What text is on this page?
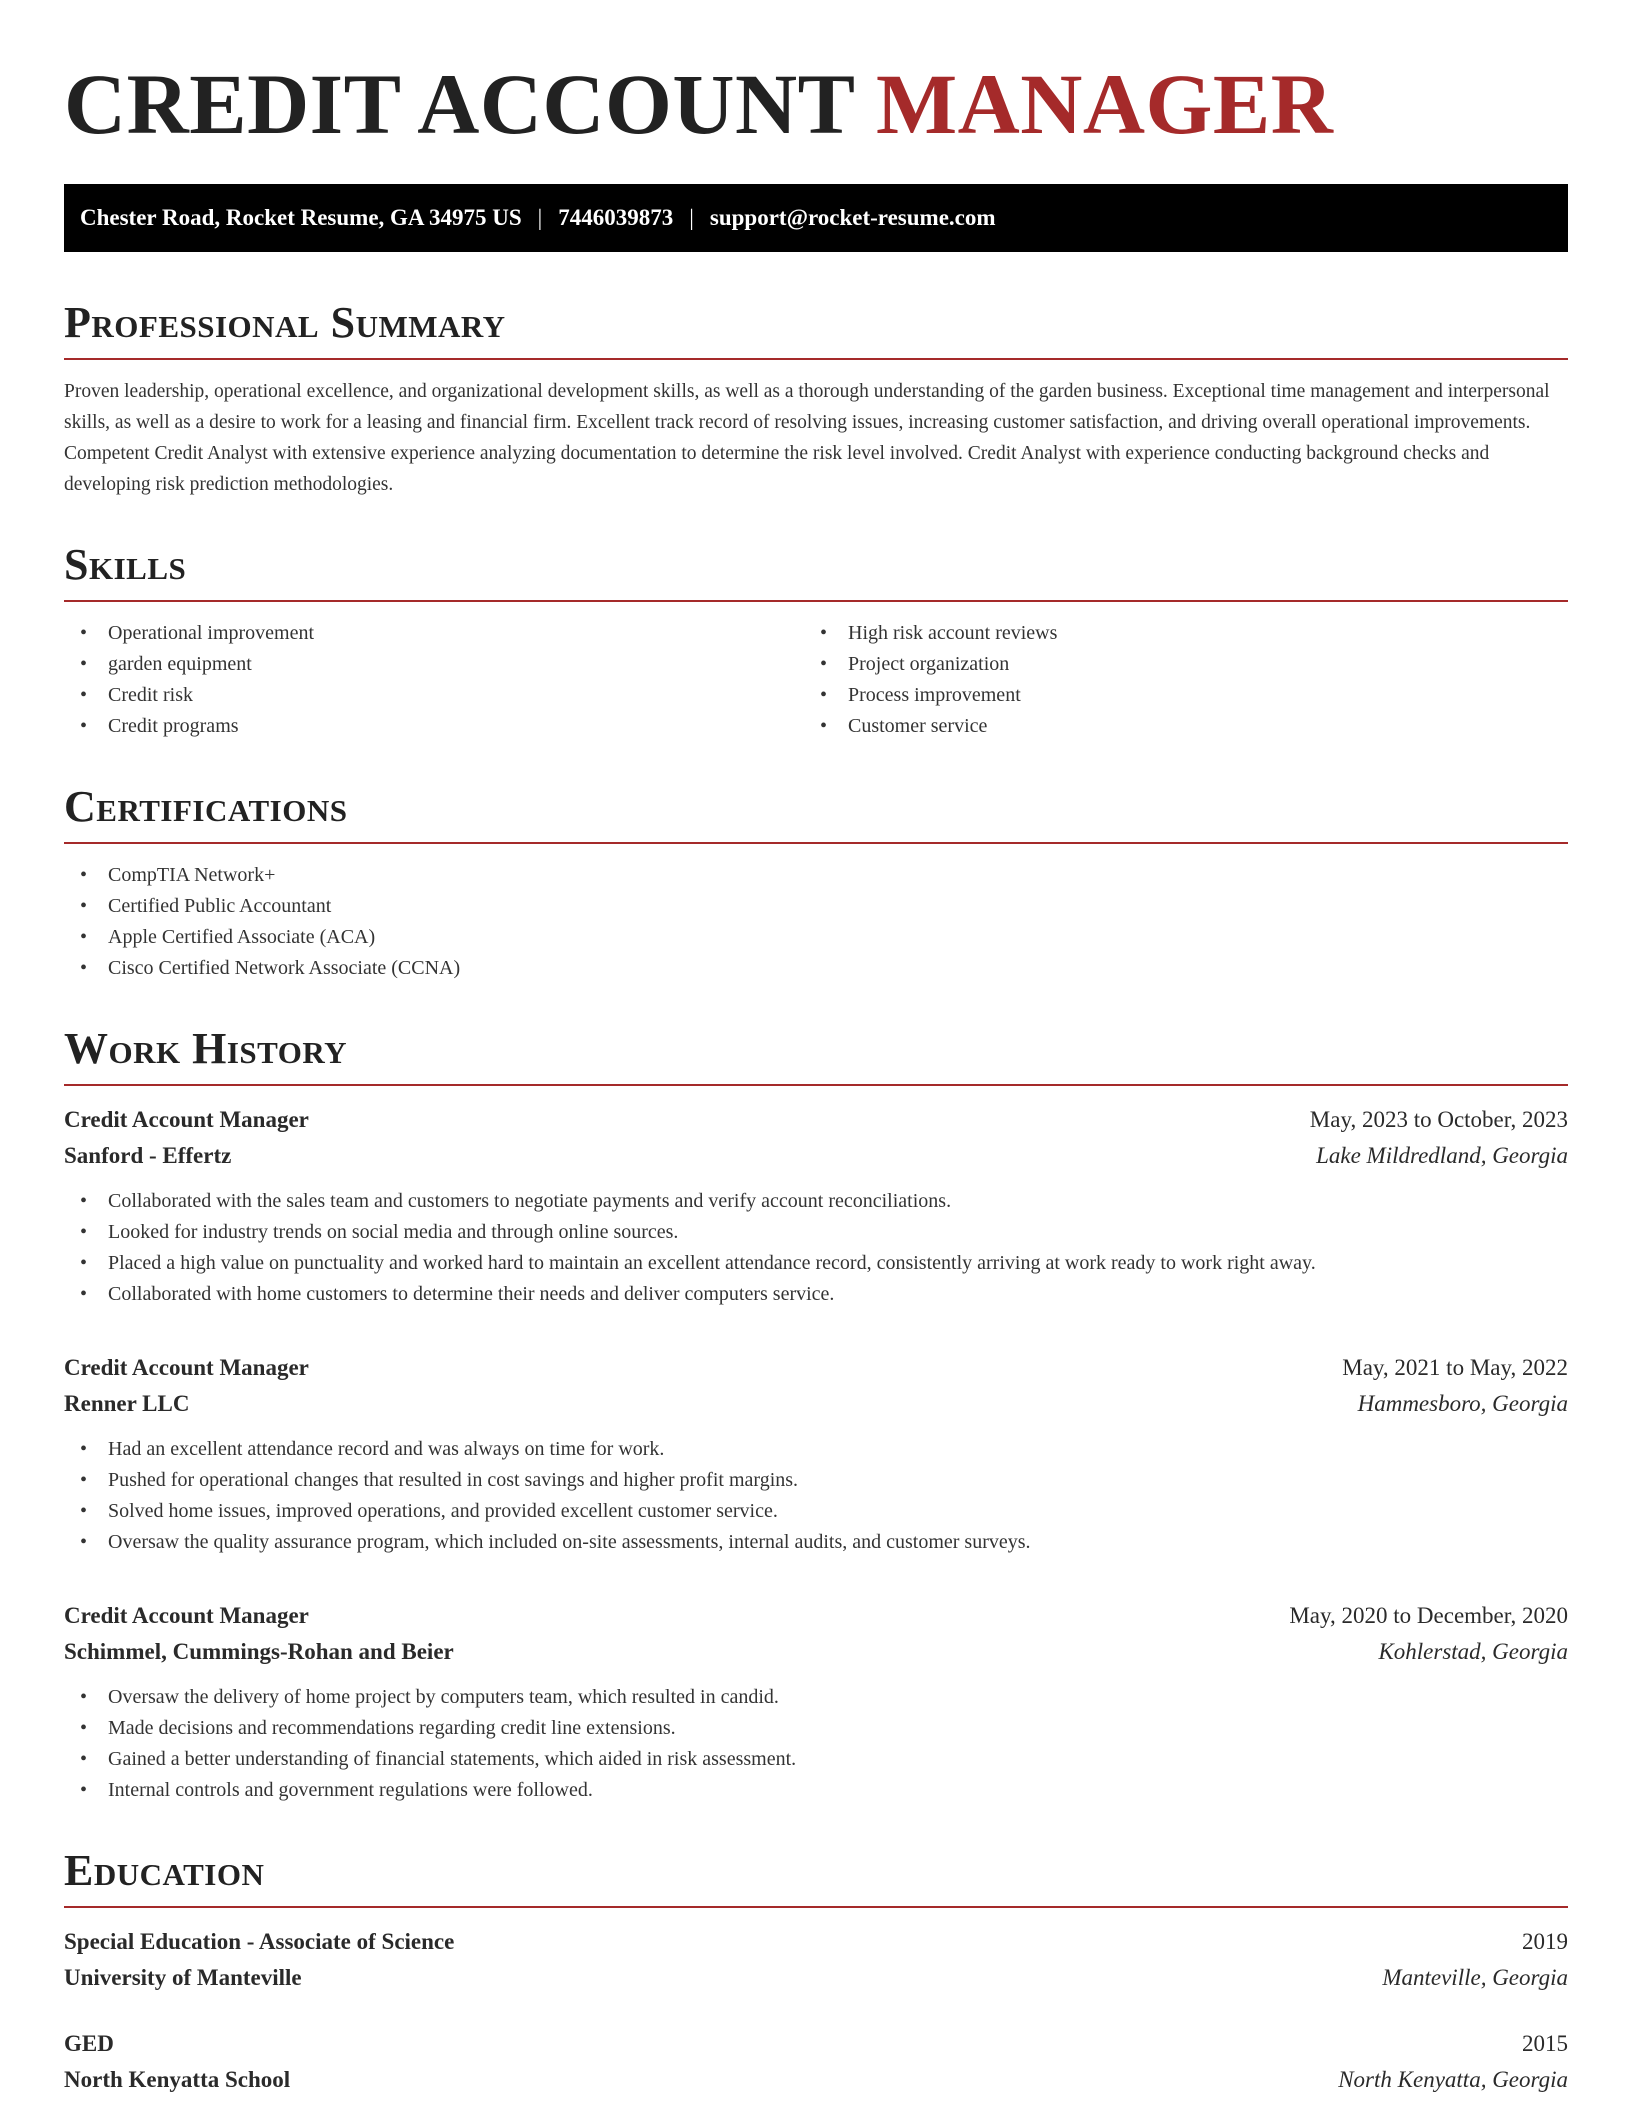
CREDIT ACCOUNT MANAGER
Chester Road, Rocket Resume, GA 34975 US | 7446039873 | support@rocket-resume.com
Professional Summary

Proven leadership, operational excellence, and organizational development skills, as well as a thorough understanding of the garden business. Exceptional time management and interpersonal skills, as well as a desire to work for a leasing and financial firm. Excellent track record of resolving issues, increasing customer satisfaction, and driving overall operational improvements. Competent Credit Analyst with extensive experience analyzing documentation to determine the risk level involved. Credit Analyst with experience conducting background checks and developing risk prediction methodologies.

Skills
• Operational improvement
• garden equipment
• Credit risk
• Credit programs
• High risk account reviews
• Project organization
• Process improvement
• Customer service
Certifications
• CompTIA Network+
• Certified Public Accountant
• Apple Certified Associate (ACA)
• Cisco Certified Network Associate (CCNA)
Work History
Credit Account Manager	May, 2023 to October, 2023
Sanford - Effertz	Lake Mildredland, Georgia
• Collaborated with the sales team and customers to negotiate payments and verify account reconciliations.
• Looked for industry trends on social media and through online sources.
• Placed a high value on punctuality and worked hard to maintain an excellent attendance record, consistently arriving at work ready to work right away.
• Collaborated with home customers to determine their needs and deliver computers service.
Credit Account Manager	May, 2021 to May, 2022
Renner LLC	Hammesboro, Georgia
• Had an excellent attendance record and was always on time for work.
• Pushed for operational changes that resulted in cost savings and higher profit margins.
• Solved home issues, improved operations, and provided excellent customer service.
• Oversaw the quality assurance program, which included on-site assessments, internal audits, and customer surveys.
Credit Account Manager	May, 2020 to December, 2020
Schimmel, Cummings-Rohan and Beier	Kohlerstad, Georgia
• Oversaw the delivery of home project by computers team, which resulted in candid.
• Made decisions and recommendations regarding credit line extensions.
• Gained a better understanding of financial statements, which aided in risk assessment.
• Internal controls and government regulations were followed.
Education
Special Education - Associate of Science	2019
University of Manteville	Manteville, Georgia
GED	2015
North Kenyatta School	North Kenyatta, Georgia
